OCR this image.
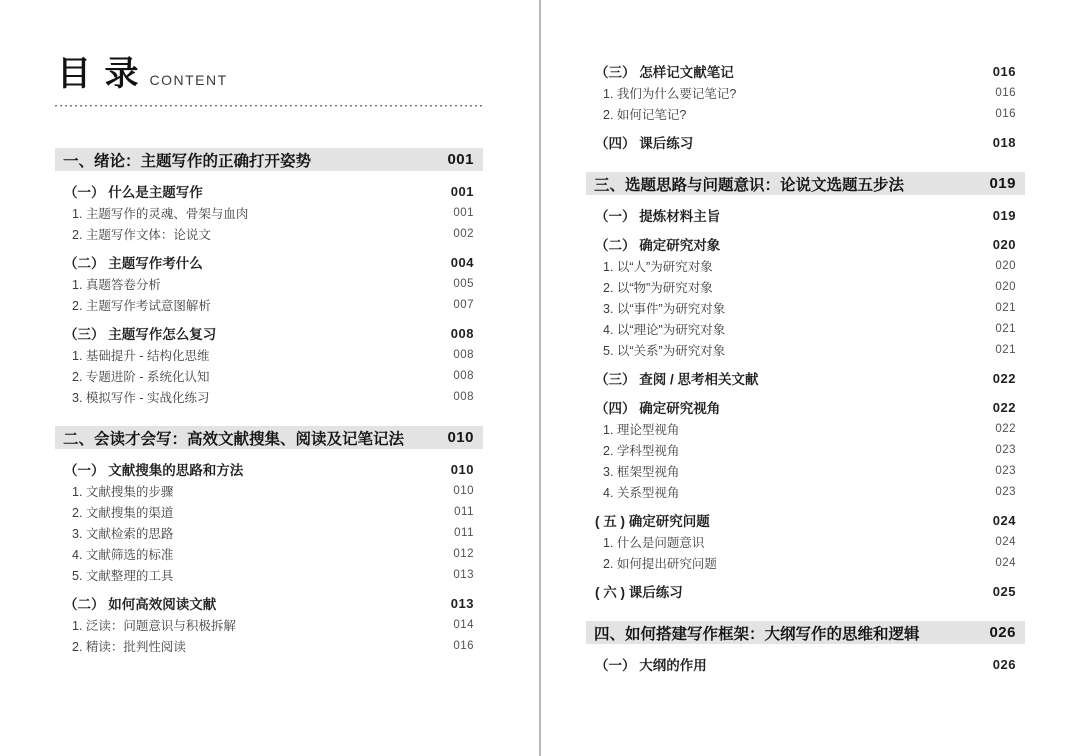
目 录 CONTENT
一、绪论：主题写作的正确打开姿势	001
（一） 什么是主题写作	001
1. 主题写作的灵魂、骨架与血肉	001
2. 主题写作文体：论说文	002
（二） 主题写作考什么	004
1. 真题答卷分析	005
2. 主题写作考试意图解析	007
（三） 主题写作怎么复习	008
1. 基础提升 - 结构化思维	008
2. 专题进阶 - 系统化认知	008
3. 模拟写作 - 实战化练习	008
二、会读才会写：高效文献搜集、阅读及记笔记法	010
（一） 文献搜集的思路和方法	010
1. 文献搜集的步骤	010
2. 文献搜集的渠道	011
3. 文献检索的思路	011
4. 文献筛选的标准	012
5. 文献整理的工具	013
（二） 如何高效阅读文献	013
1. 泛读：问题意识与积极拆解	014
2. 精读：批判性阅读	016
（三） 怎样记文献笔记	016
1. 我们为什么要记笔记?	016
2. 如何记笔记?	016
（四） 课后练习	018
三、选题思路与问题意识：论说文选题五步法	019
（一） 提炼材料主旨	019
（二） 确定研究对象	020
1. 以“人”为研究对象	020
2. 以“物”为研究对象	020
3. 以“事件”为研究对象	021
4. 以“理论”为研究对象	021
5. 以“关系”为研究对象	021
（三） 查阅 / 思考相关文献	022
（四） 确定研究视角	022
1. 理论型视角	022
2. 学科型视角	023
3. 框架型视角	023
4. 关系型视角	023
( 五 ) 确定研究问题	024
1. 什么是问题意识	024
2. 如何提出研究问题	024
( 六 ) 课后练习	025
四、如何搭建写作框架：大纲写作的思维和逻辑	026
（一） 大纲的作用	026
